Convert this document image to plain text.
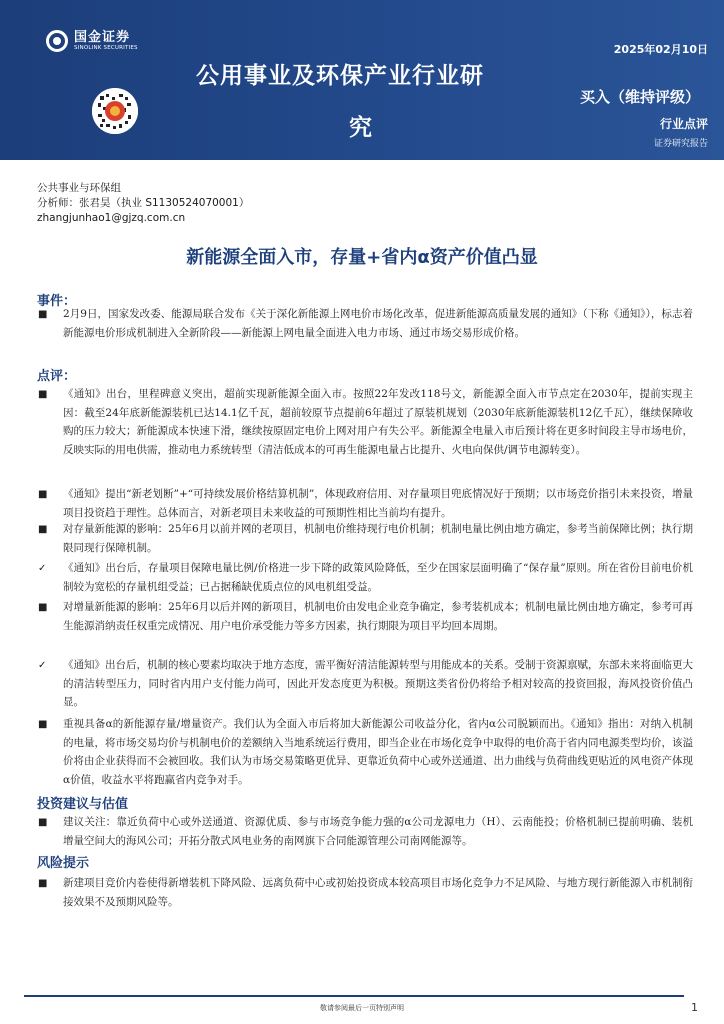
国金证券
SINOLINK SECURITIES
公用事业及环保产业行业研
究
2025年02月10日
买入（维持评级）
行业点评
证券研究报告
公共事业与环保组
分析师：张君昊（执业 S1130524070001）
zhangjunhao1@gjzq.com.cn
新能源全面入市，存量+省内α资产价值凸显
事件：
■ 2月9日，国家发改委、能源局联合发布《关于深化新能源上网电价市场化改革，促进新能源高质量发展的通知》（下称《通知》），标志着新能源电价形成机制进入全新阶段——新能源上网电量全面进入电力市场、通过市场交易形成价格。
点评：
■ 《通知》出台，里程碑意义突出，超前实现新能源全面入市。按照22年发改118号文，新能源全面入市节点定在2030年，提前实现主因：截至24年底新能源装机已达14.1亿千瓦，超前较原节点提前6年超过了原装机规划（2030年底新能源装机12亿千瓦），继续保障收购的压力较大；新能源成本快速下滑，继续按原固定电价上网对用户有失公平。新能源全电量入市后预计将在更多时间段主导市场电价，反映实际的用电供需，推动电力系统转型（清洁低成本的可再生能源电量占比提升、火电向保供/调节电源转变）。
■ 《通知》提出“新老划断”+“可持续发展价格结算机制”，体现政府信用、对存量项目兜底情况好于预期；以市场竞价指引未来投资，增量项目投资趋于理性。总体而言，对新老项目未来收益的可预期性相比当前均有提升。
■ 对存量新能源的影响：25年6月以前并网的老项目，机制电价维持现行电价机制；机制电量比例由地方确定，参考当前保障比例；执行期限同现行保障机制。
✓ 《通知》出台后，存量项目保障电量比例/价格进一步下降的政策风险降低，至少在国家层面明确了“保存量”原则。所在省份目前电价机制较为宽松的存量机组受益；已占据稀缺优质点位的风电机组受益。
■ 对增量新能源的影响：25年6月以后并网的新项目，机制电价由发电企业竞争确定，参考装机成本；机制电量比例由地方确定，参考可再生能源消纳责任权重完成情况、用户电价承受能力等多方因素，执行期限为项目平均回本周期。
✓ 《通知》出台后，机制的核心要素均取决于地方态度，需平衡好清洁能源转型与用能成本的关系。受制于资源禀赋，东部未来将面临更大的清洁转型压力，同时省内用户支付能力尚可，因此开发态度更为积极。预期这类省份仍将给予相对较高的投资回报，海风投资价值凸显。
■ 重视具备α的新能源存量/增量资产。我们认为全面入市后将加大新能源公司收益分化，省内α公司脱颖而出。《通知》指出：对纳入机制的电量，将市场交易均价与机制电价的差额纳入当地系统运行费用，即当企业在市场化竞争中取得的电价高于省内同电源类型均价，该溢价将由企业获得而不会被回收。我们认为市场交易策略更优异、更靠近负荷中心或外送通道、出力曲线与负荷曲线更贴近的风电资产体现α价值，收益水平将跑赢省内竞争对手。
投资建议与估值
■ 建议关注：靠近负荷中心或外送通道、资源优质、参与市场竞争能力强的α公司龙源电力（H）、云南能投；价格机制已提前明确、装机增量空间大的海风公司；开拓分散式风电业务的南网旗下合同能源管理公司南网能源等。
风险提示
■ 新建项目竞价内卷使得新增装机下降风险、远离负荷中心或初始投资成本较高项目市场化竞争力不足风险、与地方现行新能源入市机制衔接效果不及预期风险等。
敬请参阅最后一页特别声明	1
